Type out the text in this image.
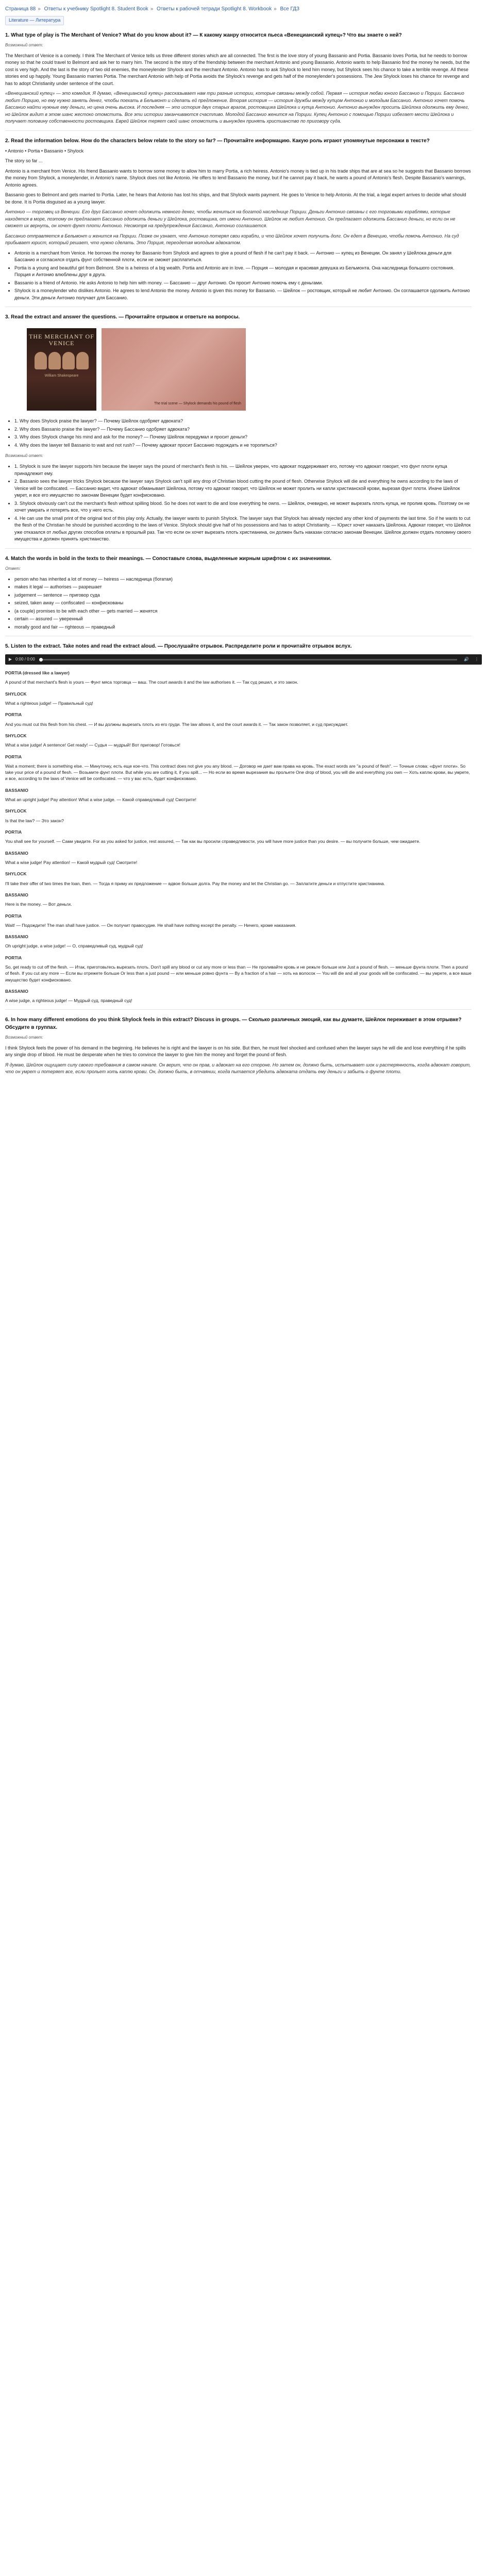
Страница 88 » Ответы к учебнику Spotlight 8. Student Book » Ответы к рабочей тетради Spotlight 8. Workbook » Все ГДЗ
Literature — Литература
1. What type of play is The Merchant of Venice? What do you know about it? — К какому жанру относится пьеса «Венецианский купец»? Что вы знаете о ней?
Возможный ответ:

The Merchant of Venice is a comedy. I think The Merchant of Venice tells us three different stories which are all connected. The first is the love story of young Bassanio and Portia. Bassanio loves Portia, but he needs to borrow money so that he could travel to Belmont and ask her to marry him. The second is the story of the friendship between the merchant Antonio and young Bassanio. Antonio wants to help Bassanio find the money he needs, but the cost is very high. And the last is the story of two old enemies, the moneylender Shylock and the merchant Antonio. Antonio has to ask Shylock to lend him money, but Shylock sees his chance to take a terrible revenge. All these stories end up happily. Young Bassanio marries Portia. The merchant Antonio with help of Portia avoids the Shylock's revenge and gets half of the moneylender's possessions. The Jew Shylock loses his chance for revenge and has to adopt Christianity under sentence of the court.

«Венецианский купец» — это комедия. Я думаю, «Венецианский купец» рассказывает нам три разные истории, которые связаны между собой. Первая — история любви юного Бассанио и Порции. Бассанио любит Порцию, но ему нужно занять денег, чтобы поехать в Бельмонт и сделать ей предложение. Вторая история — история дружбы между купцом Антонио и молодым Бассанио. Антонио хочет помочь Бассанио найти нужные ему деньги, но цена очень высока. И последняя — это история двух старых врагов, ростовщика Шейлока и купца Антонио. Антонио вынужден просить Шейлока одолжить ему денег, но Шейлок видит в этом шанс жестоко отомстить. Все эти истории заканчиваются счастливо. Молодой Бассанио женится на Порции. Купец Антонио с помощью Порции избегает мести Шейлока и получает половину собственности ростовщика. Еврей Шейлок теряет свой шанс отомстить и вынужден принять христианство по приговору суда.

2. Read the information below. How do the characters below relate to the story so far? — Прочитайте информацию. Какую роль играют упомянутые персонажи в тексте?

• Antonio • Portia • Bassanio • Shylock

The story so far ...

Antonio is a merchant from Venice. His friend Bassanio wants to borrow some money to allow him to marry Portia, a rich heiress. Antonio's money is tied up in his trade ships that are at sea so he suggests that Bassanio borrows the money from Shylock, a moneylender, in Antonio's name. Shylock does not like Antonio. He offers to lend Bassanio the money, but if he cannot pay it back, he wants a pound of Antonio's flesh. Despite Bassanio's warnings, Antonio agrees.

Bassanio goes to Belmont and gets married to Portia. Later, he hears that Antonio has lost his ships, and that Shylock wants payment. He goes to Venice to help Antonio. At the trial, a legal expert arrives to decide what should be done. It is Portia disguised as a young lawyer.

Антонио — торговец из Венеции. Его друг Бассанио хочет одолжить немного денег, чтобы жениться на богатой наследнице Порции. Деньги Антонио связаны с его торговыми кораблями, которые находятся в море, поэтому он предлагает Бассанио одолжить деньги у Шейлока, ростовщика, от имени Антонио. Шейлок не любит Антонио. Он предлагает одолжить Бассанио деньги, но если он не сможет их вернуть, он хочет фунт плоти Антонио. Несмотря на предупреждения Бассанио, Антонио соглашается.

Бассанио отправляется в Бельмонт и женится на Порции. Позже он узнает, что Антонио потерял свои корабли, и что Шейлок хочет получить долг. Он едет в Венецию, чтобы помочь Антонио. На суд прибывает юрист, который решает, что нужно сделать. Это Порция, переодетая молодым адвокатом.

• Antonio is a merchant from Venice. He borrows the money for Bassanio from Shylock and agrees to give a pound of flesh if he can't pay it back. — Антонио — купец из Венеции. Он занял у Шейлока деньги для Бассанио и согласился отдать фунт собственной плоти, если не сможет расплатиться.
• Portia is a young and beautiful girl from Belmont. She is a heiress of a big wealth. Portia and Antonio are in love. — Порция — молодая и красивая девушка из Бельмонта. Она наследница большого состояния. Порция и Антонио влюблены друг в друга.
• Bassanio is a friend of Antonio. He asks Antonio to help him with money. — Бассанио — друг Антонио. Он просит Антонио помочь ему с деньгами.
• Shylock is a moneylender who dislikes Antonio. He agrees to lend Antonio the money. Antonio is given this money for Bassanio. — Шейлок — ростовщик, который не любит Антонио. Он соглашается одолжить Антонио деньги. Эти деньги Антонио получает для Бассанио.
3. Read the extract and answer the questions. — Прочитайте отрывок и ответьте на вопросы.
THE MERCHANT OF VENICE
William Shakespeare
The trial scene — Shylock demands his pound of flesh
• 1. Why does Shylock praise the lawyer? — Почему Шейлок одобряет адвоката?
• 2. Why does Bassanio praise the lawyer? — Почему Бассанио одобряет адвоката?
• 3. Why does Shylock change his mind and ask for the money? — Почему Шейлок передумал и просит деньги?
• 4. Why does the lawyer tell Bassanio to wait and not rush? — Почему адвокат просит Бассанио подождать и не торопиться?
Возможный ответ:
• 1. Shylock is sure the lawyer supports him because the lawyer says the pound of merchant's flesh is his. — Шейлок уверен, что адвокат поддерживает его, потому что адвокат говорит, что фунт плоти купца принадлежит ему.
• 2. Bassanio sees the lawyer tricks Shylock because the lawyer says Shylock can't spill any drop of Christian blood cutting the pound of flesh. Otherwise Shylock will die and everything he owns according to the laws of Venice will be confiscated. — Бассанио видит, что адвокат обманывает Шейлока, потому что адвокат говорит, что Шейлок не может пролить ни капли христианской крови, вырезая фунт плоти. Иначе Шейлок умрет, и все его имущество по законам Венеции будет конфисковано.
• 3. Shylock obviously can't cut the merchant's flesh without spilling blood. So he does not want to die and lose everything he owns. — Шейлок, очевидно, не может вырезать плоть купца, не пролив кровь. Поэтому он не хочет умирать и потерять все, что у него есть.
• 4. He can use the small print of the original text of this play only. Actually, the lawyer wants to punish Shylock. The lawyer says that Shylock has already rejected any other kind of payments the last time. So if he wants to cut the flesh of the Christian he should be punished according to the laws of Venice. Shylock should give half of his possessions and has to adopt Christianity. — Юрист хочет наказать Шейлока. Адвокат говорит, что Шейлок уже отказался от любых других способов оплаты в прошлый раз. Так что если он хочет вырезать плоть христианина, он должен быть наказан согласно законам Венеции. Шейлок должен отдать половину своего имущества и должен принять христианство.
4. Match the words in bold in the texts to their meanings. — Сопоставьте слова, выделенные жирным шрифтом с их значениями.
Ответ:
• person who has inherited a lot of money — heiress — наследница (богатая)
• makes it legal — authorises — разрешает
• judgement — sentence — приговор суда
• seized, taken away — confiscated — конфискованы
• (a couple) promises to be with each other — gets married — женятся
• certain — assured — уверенный
• morally good and fair — righteous — праведный
5. Listen to the extract. Take notes and read the extract aloud. — Прослушайте отрывок. Распределите роли и прочитайте отрывок вслух.
▶ 0:00 / 0:00	🔊	⋮
PORTIA (dressed like a lawyer)

A pound of that merchant's flesh is yours — Фунт мяса торговца — ваш. The court awards it and the law authorises it. — Так суд решил, и это закон.

SHYLOCK

What a righteous judge! — Правильный суд!

PORTIA

And you must cut this flesh from his chest. — И вы должны вырезать плоть из его груди. The law allows it, and the court awards it. — Так закон позволяет, и суд присуждает.

SHYLOCK

What a wise judge! A sentence! Get ready! — Судья — мудрый! Вот приговор! Готовься!

PORTIA

Wait a moment; there is something else. — Минуточку, есть еще кое-что. This contract does not give you any blood. — Договор не дает вам права на кровь. The exact words are "a pound of flesh". — Точные слова: «фунт плоти». So take your price of a pound of flesh. — Возьмите фунт плоти. But while you are cutting it, if you spill... — Но если во время вырезания вы прольете One drop of blood, you will die and everything you own — Хоть каплю крови, вы умрете, и все, according to the laws of Venice will be confiscated. — что у вас есть, будет конфисковано.

BASSANIO

What an upright judge! Pay attention! What a wise judge. — Какой справедливый суд! Смотрите!

SHYLOCK

Is that the law? — Это закон?

PORTIA

You shall see for yourself. — Сами увидите. For as you asked for justice, rest assured, — Так как вы просили справедливости, you will have more justice than you desire. — вы получите больше, чем ожидаете.

BASSANIO

What a wise judge! Pay attention! — Какой мудрый суд! Смотрите!

SHYLOCK

I'll take their offer of two times the loan, then. — Тогда я приму их предложение — вдвое больше долга. Pay the money and let the Christian go. — Заплатите деньги и отпустите христианина.

BASSANIO

Here is the money. — Вот деньги.

PORTIA

Wait! — Подождите! The man shall have justice. — Он получит правосудие. He shall have nothing except the penalty. — Ничего, кроме наказания.

BASSANIO

Oh upright judge, a wise judge! — О, справедливый суд, мудрый суд!

PORTIA

So, get ready to cut off the flesh. — Итак, приготовьтесь вырезать плоть. Don't spill any blood or cut any more or less than — Не проливайте кровь и не режьте больше или Just a pound of flesh. — меньше фунта плоти. Then a pound of flesh. If you cut any more — Если вы отрежете больше Or less than a just pound — или меньше ровно фунта — By a fraction of a hair — хоть на волосок — You will die and all your goods will be confiscated. — вы умрете, а все ваше имущество будет конфисковано.

BASSANIO

A wise judge, a righteous judge! — Мудрый суд, праведный суд!

6. In how many different emotions do you think Shylock feels in this extract? Discuss in groups. — Сколько различных эмоций, как вы думаете, Шейлок переживает в этом отрывке? Обсудите в группах.
Возможный ответ:

I think Shylock feels the power of his demand in the beginning. He believes he is right and the lawyer is on his side. But then, he must feel shocked and confused when the lawyer says he will die and lose everything if he spills any single drop of blood. He must be desperate when he tries to convince the lawyer to give him the money and forget the pound of flesh.

Я думаю, Шейлок ощущает силу своего требования в самом начале. Он верит, что он прав, и адвокат на его стороне. Но затем он, должно быть, испытывает шок и растерянность, когда адвокат говорит, что он умрет и потеряет все, если прольет хоть каплю крови. Он, должно быть, в отчаянии, когда пытается убедить адвоката отдать ему деньги и забыть о фунте плоти.
